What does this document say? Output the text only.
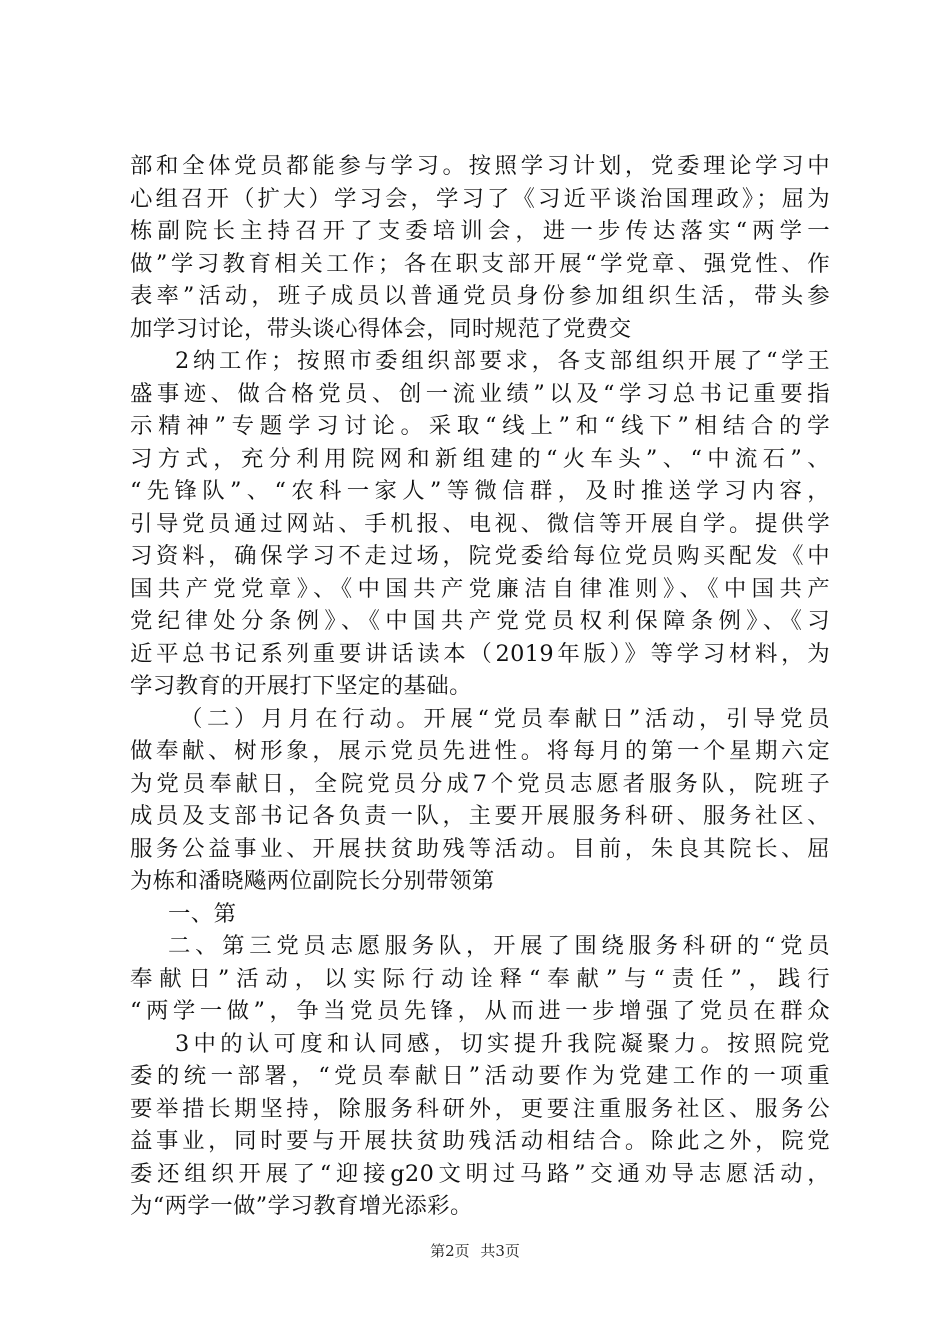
部和全体党员都能参与学习。按照学习计划，党委理论学习中
心组召开（扩大）学习会，学习了《习近平谈治国理政》；屈为
栋副院长主持召开了支委培训会，进一步传达落实“两学一
做”学习教育相关工作；各在职支部开展“学党章、强党性、作
表率”活动，班子成员以普通党员身份参加组织生活，带头参
加学习讨论，带头谈心得体会，同时规范了党费交
2纳工作；按照市委组织部要求，各支部组织开展了“学王
盛事迹、做合格党员、创一流业绩”以及“学习总书记重要指
示精神”专题学习讨论。采取“线上”和“线下”相结合的学
习方式，充分利用院网和新组建的“火车头”、“中流石”、
“先锋队”、“农科一家人”等微信群，及时推送学习内容，
引导党员通过网站、手机报、电视、微信等开展自学。提供学
习资料，确保学习不走过场，院党委给每位党员购买配发《中
国共产党党章》、《中国共产党廉洁自律准则》、《中国共产
党纪律处分条例》、《中国共产党党员权利保障条例》、《习
近平总书记系列重要讲话读本（2019年版）》等学习材料，为
学习教育的开展打下坚定的基础。
（二）月月在行动。开展“党员奉献日”活动，引导党员
做奉献、树形象，展示党员先进性。将每月的第一个星期六定
为党员奉献日，全院党员分成7个党员志愿者服务队，院班子
成员及支部书记各负责一队，主要开展服务科研、服务社区、
服务公益事业、开展扶贫助残等活动。目前，朱良其院长、屈
为栋和潘晓飚两位副院长分别带领第
一、第
二、第三党员志愿服务队，开展了围绕服务科研的“党员
奉献日”活动，以实际行动诠释“奉献”与“责任”，践行
“两学一做”，争当党员先锋，从而进一步增强了党员在群众
3中的认可度和认同感，切实提升我院凝聚力。按照院党
委的统一部署，“党员奉献日”活动要作为党建工作的一项重
要举措长期坚持，除服务科研外，更要注重服务社区、服务公
益事业，同时要与开展扶贫助残活动相结合。除此之外，院党
委还组织开展了“迎接g20文明过马路”交通劝导志愿活动，
为“两学一做”学习教育增光添彩。
第2页 共3页
